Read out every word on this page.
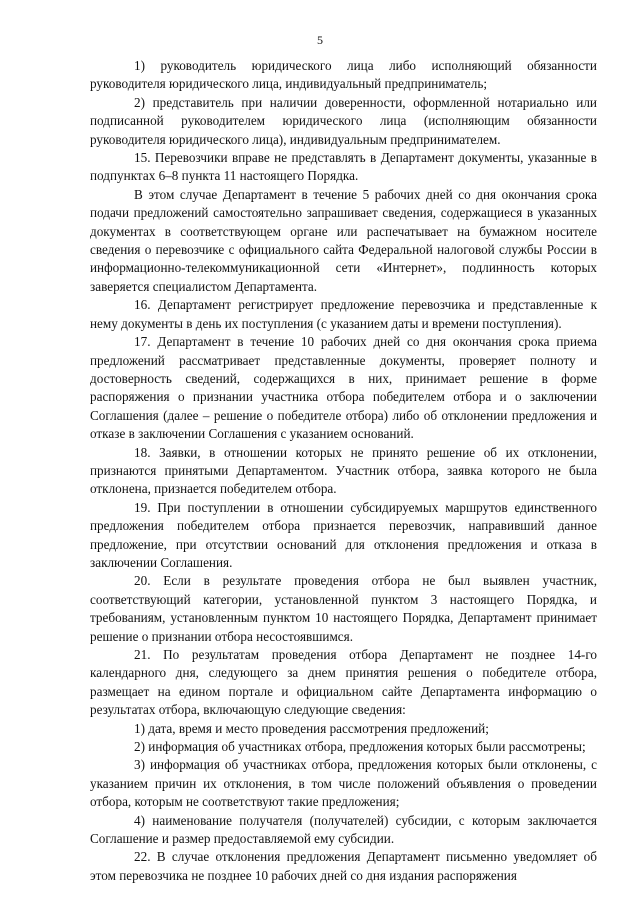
5

1) руководитель юридического лица либо исполняющий обязанности руководителя юридического лица, индивидуальный предприниматель;

2) представитель при наличии доверенности, оформленной нотариально или подписанной руководителем юридического лица (исполняющим обязанности руководителя юридического лица), индивидуальным предпринимателем.

15. Перевозчики вправе не представлять в Департамент документы, указанные в подпунктах 6–8 пункта 11 настоящего Порядка.

В этом случае Департамент в течение 5 рабочих дней со дня окончания срока подачи предложений самостоятельно запрашивает сведения, содержащиеся в указанных документах в соответствующем органе или распечатывает на бумажном носителе сведения о перевозчике с официального сайта Федеральной налоговой службы России в информационно-телекоммуникационной сети «Интернет», подлинность которых заверяется специалистом Департамента.

16. Департамент регистрирует предложение перевозчика и представленные к нему документы в день их поступления (с указанием даты и времени поступления).

17. Департамент в течение 10 рабочих дней со дня окончания срока приема предложений рассматривает представленные документы, проверяет полноту и достоверность сведений, содержащихся в них, принимает решение в форме распоряжения о признании участника отбора победителем отбора и о заключении Соглашения (далее – решение о победителе отбора) либо об отклонении предложения и отказе в заключении Соглашения с указанием оснований.

18. Заявки, в отношении которых не принято решение об их отклонении, признаются принятыми Департаментом. Участник отбора, заявка которого не была отклонена, признается победителем отбора.

19. При поступлении в отношении субсидируемых маршрутов единственного предложения победителем отбора признается перевозчик, направивший данное предложение, при отсутствии оснований для отклонения предложения и отказа в заключении Соглашения.

20. Если в результате проведения отбора не был выявлен участник, соответствующий категории, установленной пунктом 3 настоящего Порядка, и требованиям, установленным пунктом 10 настоящего Порядка, Департамент принимает решение о признании отбора несостоявшимся.

21. По результатам проведения отбора Департамент не позднее 14-го календарного дня, следующего за днем принятия решения о победителе отбора, размещает на едином портале и официальном сайте Департамента информацию о результатах отбора, включающую следующие сведения:

1) дата, время и место проведения рассмотрения предложений;

2) информация об участниках отбора, предложения которых были рассмотрены;

3) информация об участниках отбора, предложения которых были отклонены, с указанием причин их отклонения, в том числе положений объявления о проведении отбора, которым не соответствуют такие предложения;

4) наименование получателя (получателей) субсидии, с которым заключается Соглашение и размер предоставляемой ему субсидии.

22. В случае отклонения предложения Департамент письменно уведомляет об этом перевозчика не позднее 10 рабочих дней со дня издания распоряжения
